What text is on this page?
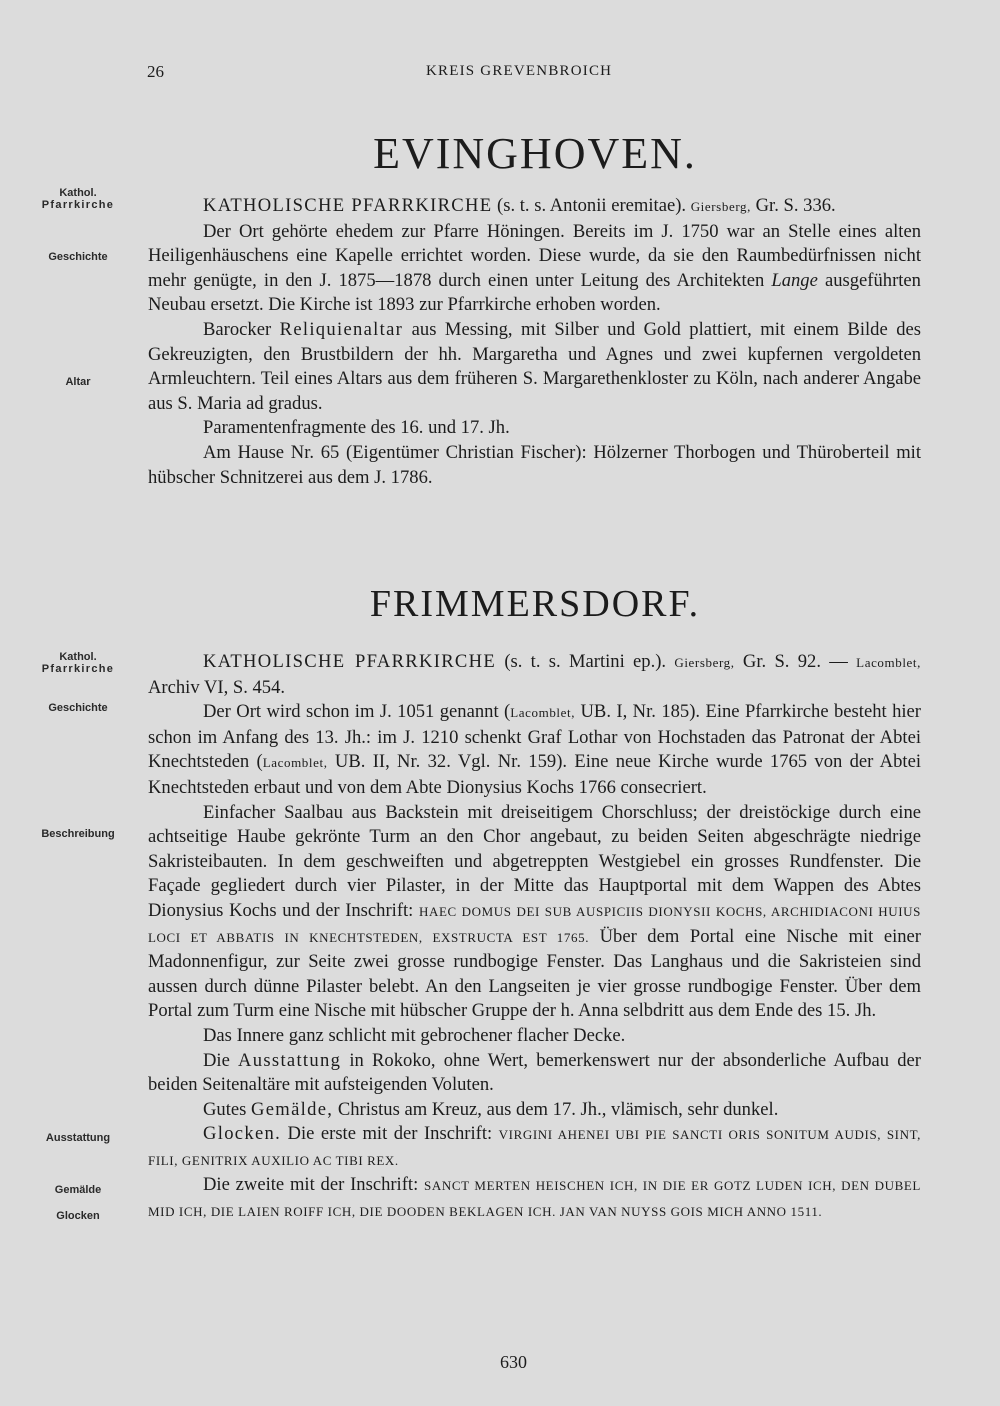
26	KREIS GREVENBROICH
EVINGHOVEN.
Kathol.
Pfarrkirche
Geschichte
Altar

KATHOLISCHE PFARRKIRCHE (s. t. s. Antonii eremitae). Giersberg, Gr. S. 336.

Der Ort gehörte ehedem zur Pfarre Höningen. Bereits im J. 1750 war an Stelle eines alten Heiligenhäuschens eine Kapelle errichtet worden. Diese wurde, da sie den Raumbedürfnissen nicht mehr genügte, in den J. 1875—1878 durch einen unter Leitung des Architekten Lange ausgeführten Neubau ersetzt. Die Kirche ist 1893 zur Pfarrkirche erhoben worden.

Barocker Reliquienaltar aus Messing, mit Silber und Gold plattiert, mit einem Bilde des Gekreuzigten, den Brustbildern der hh. Margaretha und Agnes und zwei kupfernen vergoldeten Armleuchtern. Teil eines Altars aus dem früheren S. Margarethenkloster zu Köln, nach anderer Angabe aus S. Maria ad gradus.

Paramentenfragmente des 16. und 17. Jh.

Am Hause Nr. 65 (Eigentümer Christian Fischer): Hölzerner Thorbogen und Thüroberteil mit hübscher Schnitzerei aus dem J. 1786.

FRIMMERSDORF.
Kathol.
Pfarrkirche
Geschichte
Beschreibung
Ausstattung
Gemälde
Glocken

KATHOLISCHE PFARRKIRCHE (s. t. s. Martini ep.). Giersberg, Gr. S. 92. — Lacomblet, Archiv VI, S. 454.

Der Ort wird schon im J. 1051 genannt (Lacomblet, UB. I, Nr. 185). Eine Pfarrkirche besteht hier schon im Anfang des 13. Jh.: im J. 1210 schenkt Graf Lothar von Hochstaden das Patronat der Abtei Knechtsteden (Lacomblet, UB. II, Nr. 32. Vgl. Nr. 159). Eine neue Kirche wurde 1765 von der Abtei Knechtsteden erbaut und von dem Abte Dionysius Kochs 1766 consecriert.

Einfacher Saalbau aus Backstein mit dreiseitigem Chorschluss; der dreistöckige durch eine achtseitige Haube gekrönte Turm an den Chor angebaut, zu beiden Seiten abgeschrägte niedrige Sakristeibauten. In dem geschweiften und abgetreppten Westgiebel ein grosses Rundfenster. Die Façade gegliedert durch vier Pilaster, in der Mitte das Hauptportal mit dem Wappen des Abtes Dionysius Kochs und der Inschrift: HAEC DOMUS DEI SUB AUSPICIIS DIONYSII KOCHS, ARCHIDIACONI HUIUS LOCI ET ABBATIS IN KNECHTSTEDEN, EXSTRUCTA EST 1765. Über dem Portal eine Nische mit einer Madonnenfigur, zur Seite zwei grosse rundbogige Fenster. Das Langhaus und die Sakristeien sind aussen durch dünne Pilaster belebt. An den Langseiten je vier grosse rundbogige Fenster. Über dem Portal zum Turm eine Nische mit hübscher Gruppe der h. Anna selbdritt aus dem Ende des 15. Jh.

Das Innere ganz schlicht mit gebrochener flacher Decke.

Die Ausstattung in Rokoko, ohne Wert, bemerkenswert nur der absonderliche Aufbau der beiden Seitenaltäre mit aufsteigenden Voluten.

Gutes Gemälde, Christus am Kreuz, aus dem 17. Jh., vlämisch, sehr dunkel.

Glocken. Die erste mit der Inschrift: VIRGINI AHENEI UBI PIE SANCTI ORIS SONITUM AUDIS, SINT, FILI, GENITRIX AUXILIO AC TIBI REX.

Die zweite mit der Inschrift: SANCT MERTEN HEISCHEN ICH, IN DIE ER GOTZ LUDEN ICH, DEN DUBEL MID ICH, DIE LAIEN ROIFF ICH, DIE DOODEN BEKLAGEN ICH. JAN VAN NUYSS GOIS MICH ANNO 1511.

630
